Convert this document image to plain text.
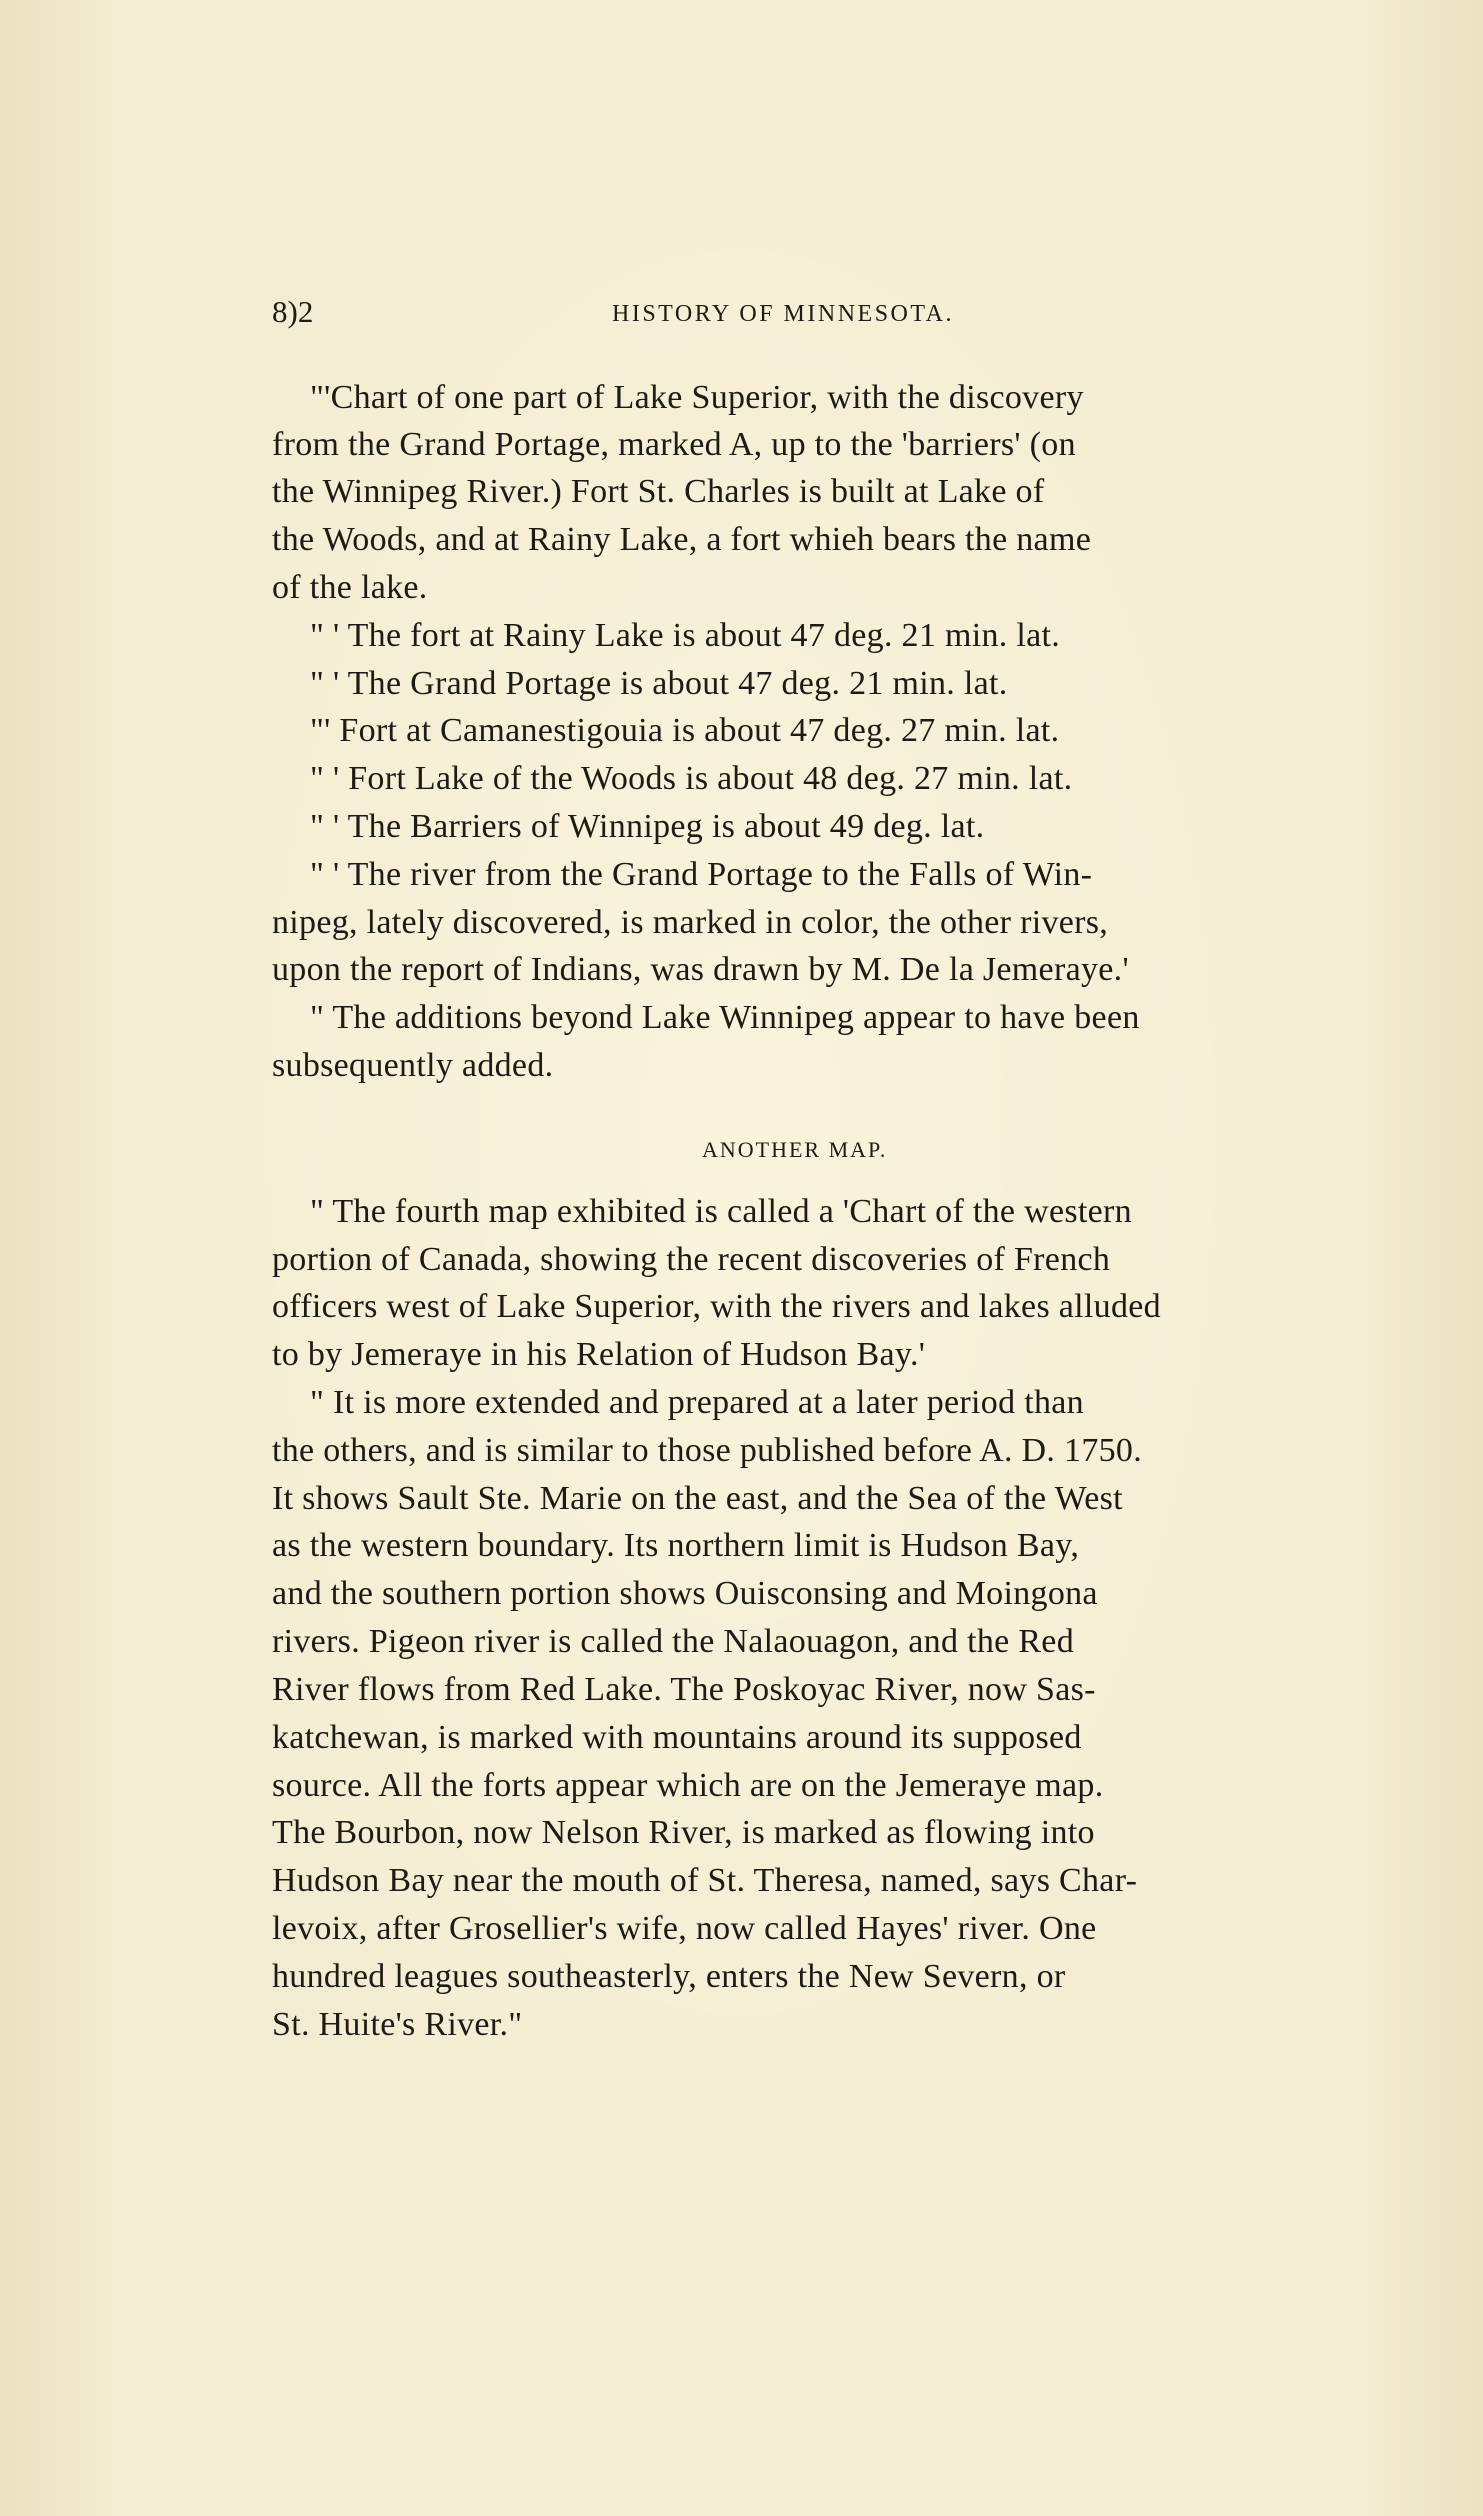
8)2	HISTORY OF MINNESOTA.
"'Chart of one part of Lake Superior, with the discovery
from the Grand Portage, marked A, up to the 'barriers' (on
the Winnipeg River.) Fort St. Charles is built at Lake of
the Woods, and at Rainy Lake, a fort whieh bears the name
of the lake.
" ' The fort at Rainy Lake is about 47 deg. 21 min. lat.
" ' The Grand Portage is about 47 deg. 21 min. lat.
"' Fort at Camanestigouia is about 47 deg. 27 min. lat.
" ' Fort Lake of the Woods is about 48 deg. 27 min. lat.
" ' The Barriers of Winnipeg is about 49 deg. lat.
" ' The river from the Grand Portage to the Falls of Win-
nipeg, lately discovered, is marked in color, the other rivers,
upon the report of Indians, was drawn by M. De la Jemeraye.'
" The additions beyond Lake Winnipeg appear to have been
subsequently added.
ANOTHER MAP.
" The fourth map exhibited is called a 'Chart of the western
portion of Canada, showing the recent discoveries of French
officers west of Lake Superior, with the rivers and lakes alluded
to by Jemeraye in his Relation of Hudson Bay.'
" It is more extended and prepared at a later period than
the others, and is similar to those published before A. D. 1750.
It shows Sault Ste. Marie on the east, and the Sea of the West
as the western boundary. Its northern limit is Hudson Bay,
and the southern portion shows Ouisconsing and Moingona
rivers. Pigeon river is called the Nalaouagon, and the Red
River flows from Red Lake. The Poskoyac River, now Sas-
katchewan, is marked with mountains around its supposed
source. All the forts appear which are on the Jemeraye map.
The Bourbon, now Nelson River, is marked as flowing into
Hudson Bay near the mouth of St. Theresa, named, says Char-
levoix, after Grosellier's wife, now called Hayes' river. One
hundred leagues southeasterly, enters the New Severn, or
St. Huite's River."
